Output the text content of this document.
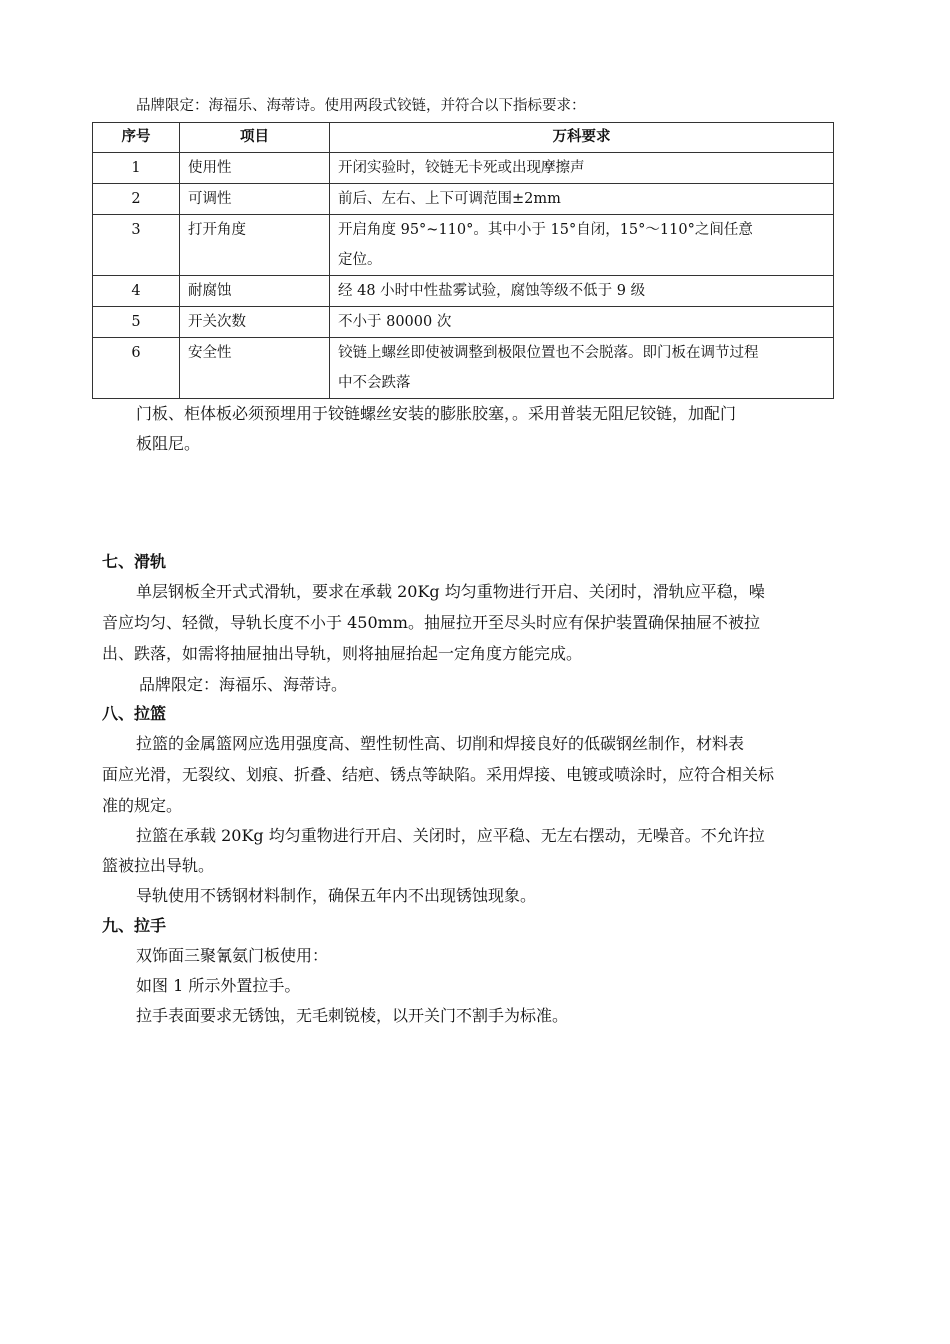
品牌限定：海福乐、海蒂诗。使用两段式铰链，并符合以下指标要求：
序号	项目	万科要求
1	使用性	开闭实验时，铰链无卡死或出现摩擦声
2	可调性	前后、左右、上下可调范围±2mm
3	打开角度	开启角度 95°~110°。其中小于 15°自闭，15°～110°之间任意
定位。
4	耐腐蚀	经 48 小时中性盐雾试验，腐蚀等级不低于 9 级
5	开关次数	不小于 80000 次
6	安全性	铰链上螺丝即使被调整到极限位置也不会脱落。即门板在调节过程
中不会跌落
门板、柜体板必须预埋用于铰链螺丝安装的膨胀胶塞，。采用普装无阻尼铰链，加配门
板阻尼。
七、滑轨
单层钢板全开式式滑轨，要求在承载 20Kg 均匀重物进行开启、关闭时，滑轨应平稳，噪
音应均匀、轻微，导轨长度不小于 450mm。抽屉拉开至尽头时应有保护装置确保抽屉不被拉
出、跌落，如需将抽屉抽出导轨，则将抽屉抬起一定角度方能完成。
品牌限定：海福乐、海蒂诗。
八、拉篮
拉篮的金属篮网应选用强度高、塑性韧性高、切削和焊接良好的低碳钢丝制作，材料表
面应光滑，无裂纹、划痕、折叠、结疤、锈点等缺陷。采用焊接、电镀或喷涂时，应符合相关标
准的规定。
拉篮在承载 20Kg 均匀重物进行开启、关闭时，应平稳、无左右摆动，无噪音。不允许拉
篮被拉出导轨。
导轨使用不锈钢材料制作，确保五年内不出现锈蚀现象。
九、拉手
双饰面三聚氰氨门板使用：
如图 1 所示外置拉手。
拉手表面要求无锈蚀，无毛刺锐棱，以开关门不割手为标准。
